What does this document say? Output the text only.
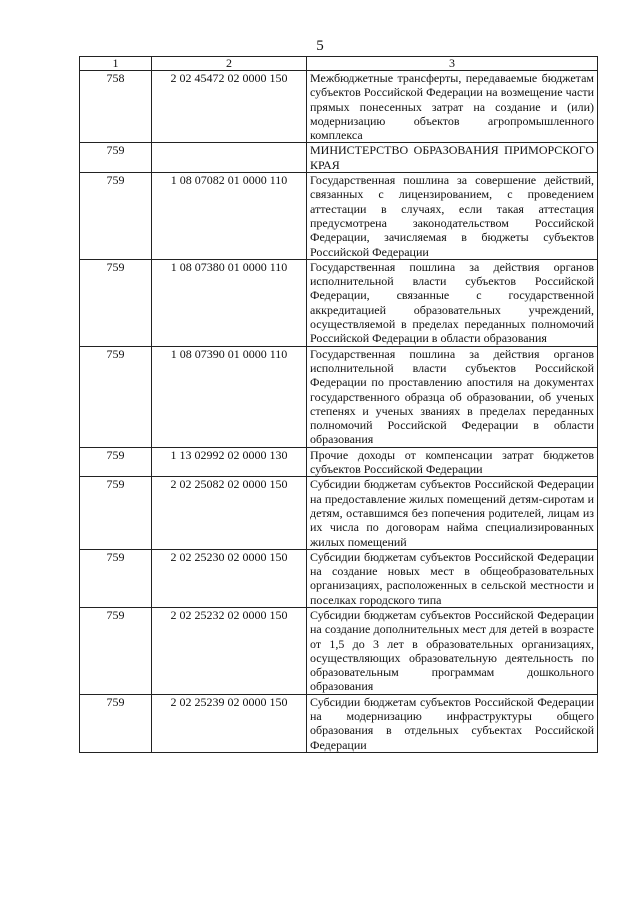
5
1	2	3
758	2 02 45472 02 0000 150	Межбюджетные трансферты, передаваемые бюджетам субъектов Российской Федерации на возмещение части прямых понесенных затрат на создание и (или) модернизацию объектов агропромышленного комплекса
759		МИНИСТЕРСТВО ОБРАЗОВАНИЯ ПРИМОРСКОГО КРАЯ
759	1 08 07082 01 0000 110	Государственная пошлина за совершение действий, связанных с лицензированием, с проведением аттестации в случаях, если такая аттестация предусмотрена законодательством Российской Федерации, зачисляемая в бюджеты субъектов Российской Федерации
759	1 08 07380 01 0000 110	Государственная пошлина за действия органов исполнительной власти субъектов Российской Федерации, связанные с государственной аккредитацией образовательных учреждений, осуществляемой в пределах переданных полномочий Российской Федерации в области образования
759	1 08 07390 01 0000 110	Государственная пошлина за действия органов исполнительной власти субъектов Российской Федерации по проставлению апостиля на документах государственного образца об образовании, об ученых степенях и ученых званиях в пределах переданных полномочий Российской Федерации в области образования
759	1 13 02992 02 0000 130	Прочие доходы от компенсации затрат бюджетов субъектов Российской Федерации
759	2 02 25082 02 0000 150	Субсидии бюджетам субъектов Российской Федерации на предоставление жилых помещений детям-сиротам и детям, оставшимся без попечения родителей, лицам из их числа по договорам найма специализированных жилых помещений
759	2 02 25230 02 0000 150	Субсидии бюджетам субъектов Российской Федерации на создание новых мест в общеобразовательных организациях, расположенных в сельской местности и поселках городского типа
759	2 02 25232 02 0000 150	Субсидии бюджетам субъектов Российской Федерации на создание дополнительных мест для детей в возрасте от 1,5 до 3 лет в образовательных организациях, осуществляющих образовательную деятельность по образовательным программам дошкольного образования
759	2 02 25239 02 0000 150	Субсидии бюджетам субъектов Российской Федерации на модернизацию инфраструктуры общего образования в отдельных субъектах Российской Федерации
